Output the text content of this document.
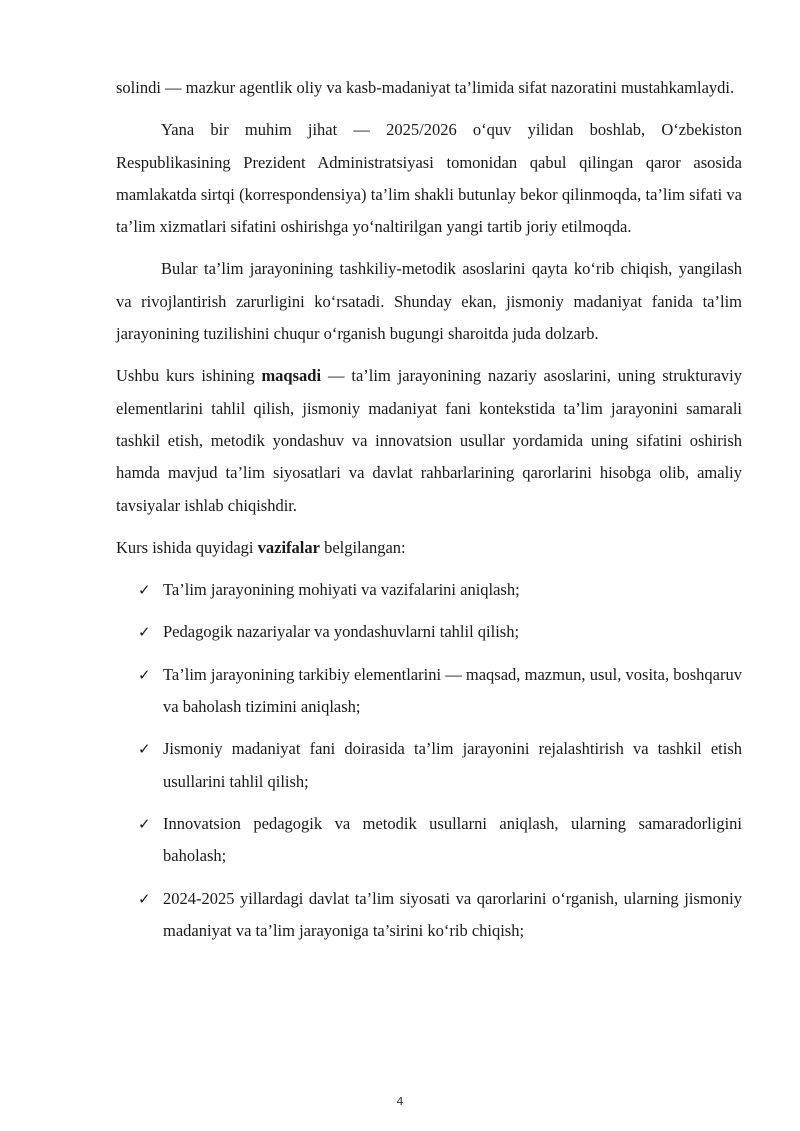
solindi — mazkur agentlik oliy va kasb-madaniyat ta’limida sifat nazoratini mustahkamlaydi.

Yana bir muhim jihat — 2025/2026 o‘quv yilidan boshlab, O‘zbekiston Respublikasining Prezident Administratsiyasi tomonidan qabul qilingan qaror asosida mamlakatda sirtqi (korrespondensiya) ta’lim shakli butunlay bekor qilinmoqda, ta’lim sifati va ta’lim xizmatlari sifatini oshirishga yo‘naltirilgan yangi tartib joriy etilmoqda.

Bular ta’lim jarayonining tashkiliy-metodik asoslarini qayta ko‘rib chiqish, yangilash va rivojlantirish zarurligini ko‘rsatadi. Shunday ekan, jismoniy madaniyat fanida ta’lim jarayonining tuzilishini chuqur o‘rganish bugungi sharoitda juda dolzarb.

Ushbu kurs ishining maqsadi — ta’lim jarayonining nazariy asoslarini, uning strukturaviy elementlarini tahlil qilish, jismoniy madaniyat fani kontekstida ta’lim jarayonini samarali tashkil etish, metodik yondashuv va innovatsion usullar yordamida uning sifatini oshirish hamda mavjud ta’lim siyosatlari va davlat rahbarlarining qarorlarini hisobga olib, amaliy tavsiyalar ishlab chiqishdir.

Kurs ishida quyidagi vazifalar belgilangan:

✓ Ta’lim jarayonining mohiyati va vazifalarini aniqlash;
✓ Pedagogik nazariyalar va yondashuvlarni tahlil qilish;
✓ Ta’lim jarayonining tarkibiy elementlarini — maqsad, mazmun, usul, vosita, boshqaruv va baholash tizimini aniqlash;
✓ Jismoniy madaniyat fani doirasida ta’lim jarayonini rejalashtirish va tashkil etish usullarini tahlil qilish;
✓ Innovatsion pedagogik va metodik usullarni aniqlash, ularning samaradorligini baholash;
✓ 2024-2025 yillardagi davlat ta’lim siyosati va qarorlarini o‘rganish, ularning jismoniy madaniyat va ta’lim jarayoniga ta’sirini ko‘rib chiqish;
4
